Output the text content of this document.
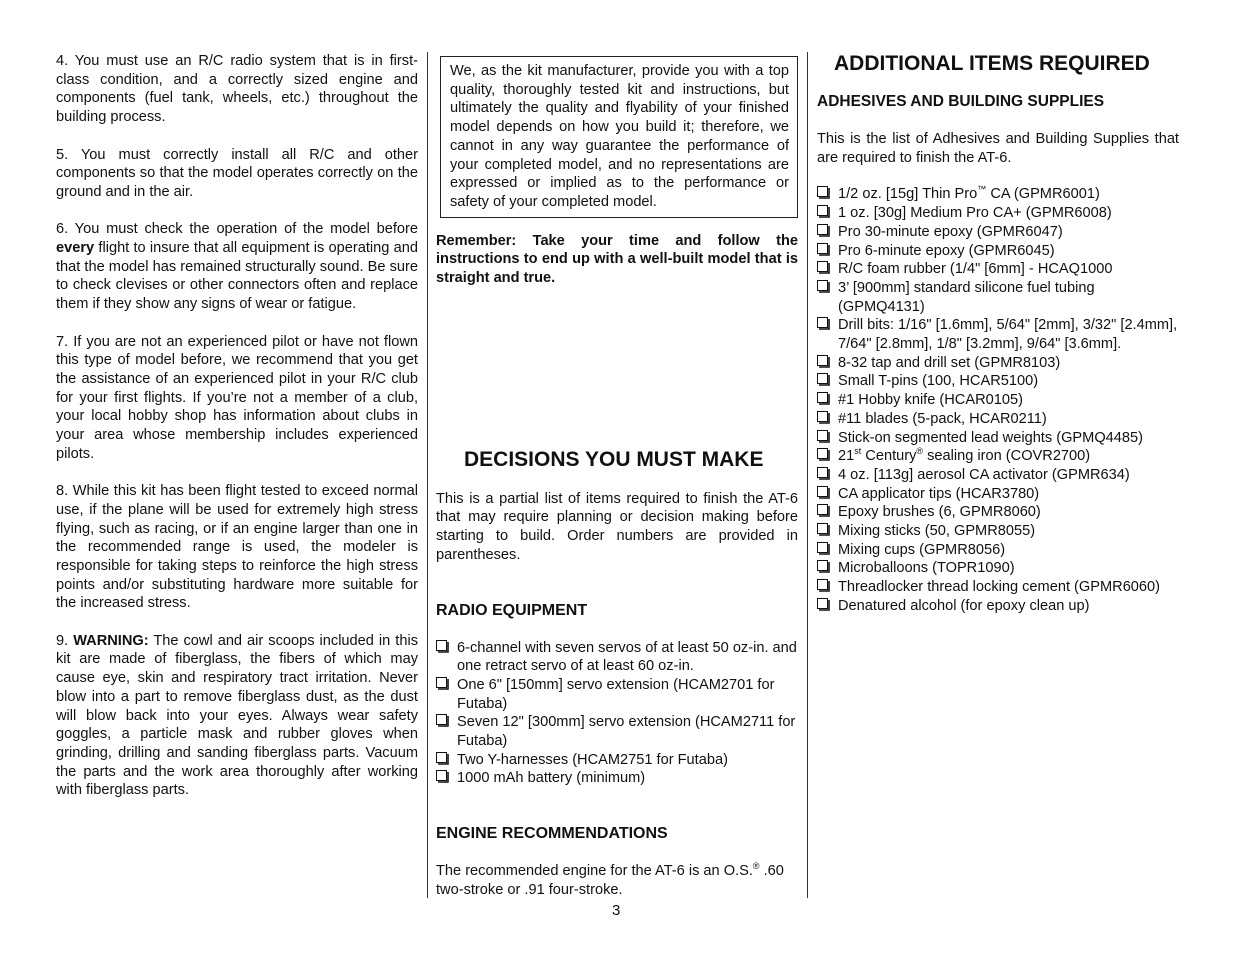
4. You must use an R/C radio system that is in first-class condition, and a correctly sized engine and components (fuel tank, wheels, etc.) throughout the building process.

5. You must correctly install all R/C and other components so that the model operates correctly on the ground and in the air.

6. You must check the operation of the model before every flight to insure that all equipment is operating and that the model has remained structurally sound. Be sure to check clevises or other connectors often and replace them if they show any signs of wear or fatigue.

7. If you are not an experienced pilot or have not flown this type of model before, we recommend that you get the assistance of an experienced pilot in your R/C club for your first flights. If you’re not a member of a club, your local hobby shop has information about clubs in your area whose membership includes experienced pilots.

8. While this kit has been flight tested to exceed normal use, if the plane will be used for extremely high stress flying, such as racing, or if an engine larger than one in the recommended range is used, the modeler is responsible for taking steps to reinforce the high stress points and/or substituting hardware more suitable for the increased stress.

9. WARNING: The cowl and air scoops included in this kit are made of fiberglass, the fibers of which may cause eye, skin and respiratory tract irritation. Never blow into a part to remove fiberglass dust, as the dust will blow back into your eyes. Always wear safety goggles, a particle mask and rubber gloves when grinding, drilling and sanding fiberglass parts. Vacuum the parts and the work area thoroughly after working with fiberglass parts.

We, as the kit manufacturer, provide you with a top quality, thoroughly tested kit and instructions, but ultimately the quality and flyability of your finished model depends on how you build it; therefore, we cannot in any way guarantee the performance of your completed model, and no representations are expressed or implied as to the performance or safety of your completed model.

Remember: Take your time and follow the instructions to end up with a well-built model that is straight and true.

DECISIONS YOU MUST MAKE

This is a partial list of items required to finish the AT-6 that may require planning or decision making before starting to build. Order numbers are provided in parentheses.

RADIO EQUIPMENT
6-channel with seven servos of at least 50 oz-in. and one retract servo of at least 60 oz-in.
One 6" [150mm] servo extension (HCAM2701 for Futaba)
Seven 12" [300mm] servo extension (HCAM2711 for Futaba)
Two Y-harnesses (HCAM2751 for Futaba)
1000 mAh battery (minimum)
ENGINE RECOMMENDATIONS

The recommended engine for the AT-6 is an O.S.® .60 two-stroke or .91 four-stroke.

ADDITIONAL ITEMS REQUIRED
ADHESIVES AND BUILDING SUPPLIES

This is the list of Adhesives and Building Supplies that are required to finish the AT-6.

1/2 oz. [15g] Thin Pro™ CA (GPMR6001)
1 oz. [30g] Medium Pro CA+ (GPMR6008)
Pro 30-minute epoxy (GPMR6047)
Pro 6-minute epoxy (GPMR6045)
R/C foam rubber (1/4" [6mm] - HCAQ1000
3’ [900mm] standard silicone fuel tubing (GPMQ4131)
Drill bits: 1/16" [1.6mm], 5/64" [2mm], 3/32" [2.4mm], 7/64" [2.8mm], 1/8" [3.2mm], 9/64" [3.6mm].
8-32 tap and drill set (GPMR8103)
Small T-pins (100, HCAR5100)
#1 Hobby knife (HCAR0105)
#11 blades (5-pack, HCAR0211)
Stick-on segmented lead weights (GPMQ4485)
21st Century® sealing iron (COVR2700)
4 oz. [113g] aerosol CA activator (GPMR634)
CA applicator tips (HCAR3780)
Epoxy brushes (6, GPMR8060)
Mixing sticks (50, GPMR8055)
Mixing cups (GPMR8056)
Microballoons (TOPR1090)
Threadlocker thread locking cement (GPMR6060)
Denatured alcohol (for epoxy clean up)
3
